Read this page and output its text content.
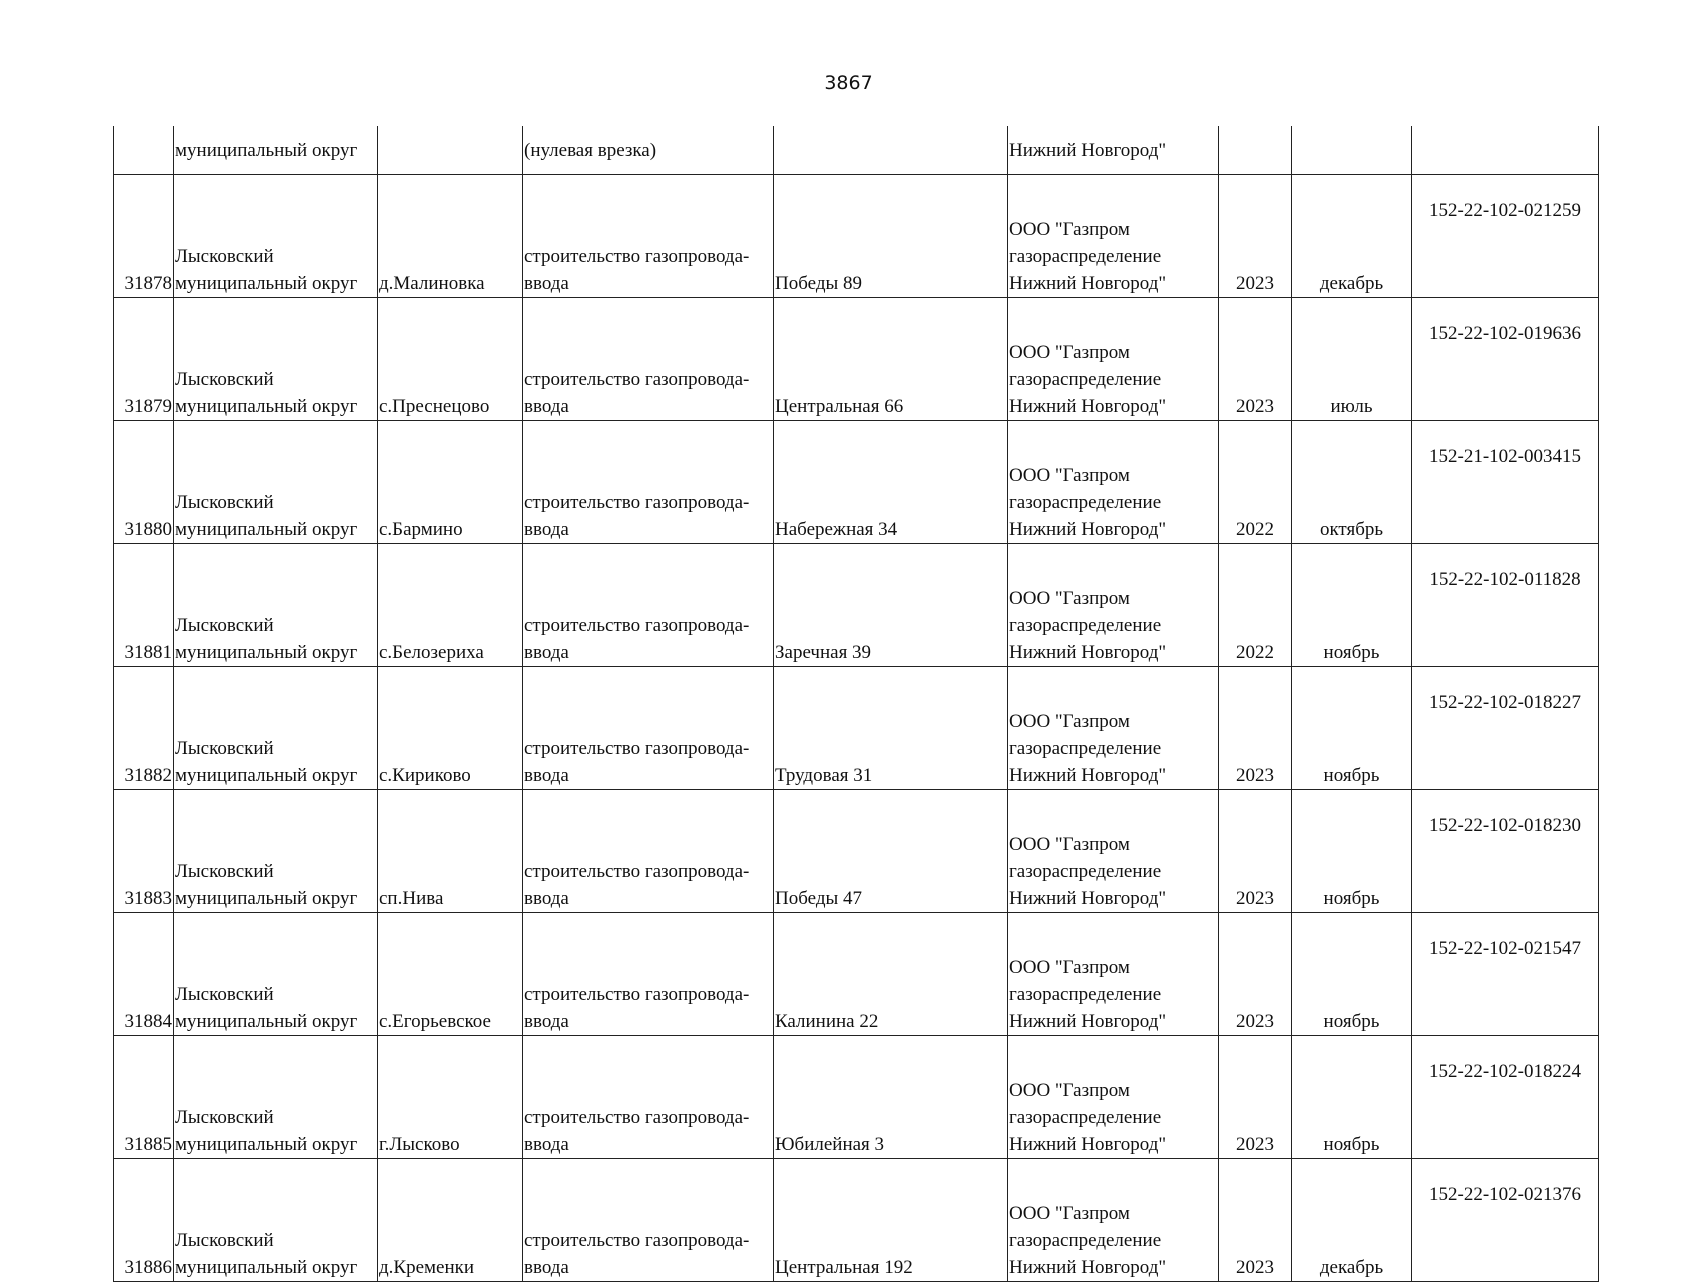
3867
	муниципальный округ		(нулевая врезка)		Нижний Новгород"			
31878	Лысковский
муниципальный округ	д.Малиновка	строительство газопровода-
ввода	Победы 89	ООО "Газпром
газораспределение
Нижний Новгород"	2023	декабрь	152-22-102-021259
31879	Лысковский
муниципальный округ	с.Преснецово	строительство газопровода-
ввода	Центральная 66	ООО "Газпром
газораспределение
Нижний Новгород"	2023	июль	152-22-102-019636
31880	Лысковский
муниципальный округ	с.Бармино	строительство газопровода-
ввода	Набережная 34	ООО "Газпром
газораспределение
Нижний Новгород"	2022	октябрь	152-21-102-003415
31881	Лысковский
муниципальный округ	с.Белозериха	строительство газопровода-
ввода	Заречная 39	ООО "Газпром
газораспределение
Нижний Новгород"	2022	ноябрь	152-22-102-011828
31882	Лысковский
муниципальный округ	с.Кириково	строительство газопровода-
ввода	Трудовая 31	ООО "Газпром
газораспределение
Нижний Новгород"	2023	ноябрь	152-22-102-018227
31883	Лысковский
муниципальный округ	сп.Нива	строительство газопровода-
ввода	Победы 47	ООО "Газпром
газораспределение
Нижний Новгород"	2023	ноябрь	152-22-102-018230
31884	Лысковский
муниципальный округ	с.Егорьевское	строительство газопровода-
ввода	Калинина 22	ООО "Газпром
газораспределение
Нижний Новгород"	2023	ноябрь	152-22-102-021547
31885	Лысковский
муниципальный округ	г.Лысково	строительство газопровода-
ввода	Юбилейная 3	ООО "Газпром
газораспределение
Нижний Новгород"	2023	ноябрь	152-22-102-018224
31886	Лысковский
муниципальный округ	д.Кременки	строительство газопровода-
ввода	Центральная 192	ООО "Газпром
газораспределение
Нижний Новгород"	2023	декабрь	152-22-102-021376
